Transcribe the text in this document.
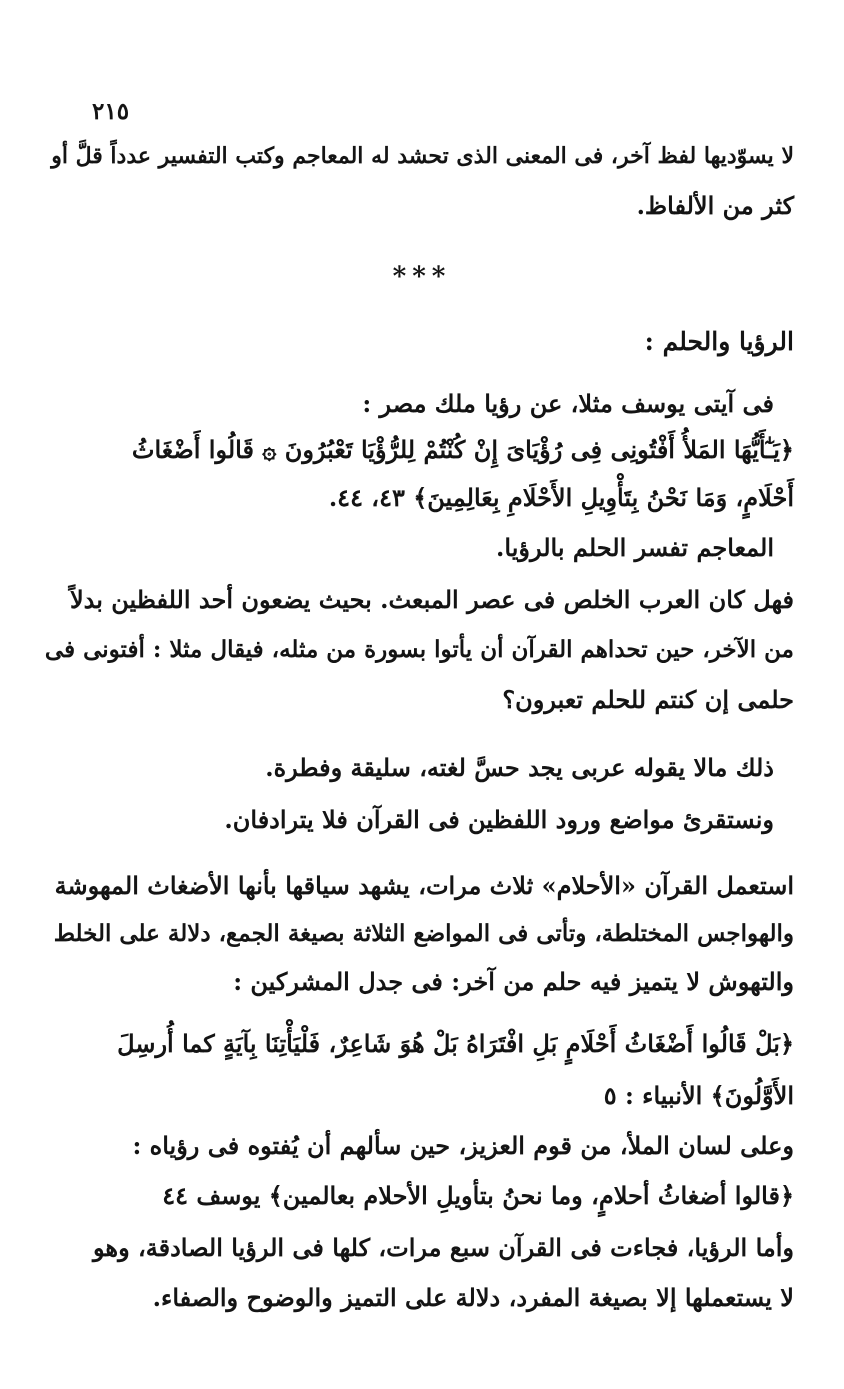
٢١٥
لا يسوّديها لفظ آخر، فى المعنى الذى تحشد له المعاجم وكتب التفسير عدداً قلَّ أو
كثر من الألفاظ.
***
الرؤيا والحلم :
فى آيتى يوسف مثلا، عن رؤيا ملك مصر :
﴿يَـٰٓأَيُّهَا المَلأُ أَفْتُونِى فِى رُؤْيَاىَ إِنْ كُنْتُمْ لِلرُّؤْيَا تَعْبُرُونَ ۞ قَالُوا أَضْغَاثُ
أَحْلَامٍ، وَمَا نَحْنُ بِتَأْوِيلِ الأَحْلَامِ بِعَالِمِينَ﴾ ٤٣، ٤٤.
المعاجم تفسر الحلم بالرؤيا.
فهل كان العرب الخلص فى عصر المبعث. بحيث يضعون أحد اللفظين بدلاً
من الآخر، حين تحداهم القرآن أن يأتوا بسورة من مثله، فيقال مثلا : أفتونى فى
حلمى إن كنتم للحلم تعبرون؟
ذلك مالا يقوله عربى يجد حسَّ لغته، سليقة وفطرة.
ونستقرئ مواضع ورود اللفظين فى القرآن فلا يترادفان.
استعمل القرآن «الأحلام» ثلاث مرات، يشهد سياقها بأنها الأضغاث المهوشة
والهواجس المختلطة، وتأتى فى المواضع الثلاثة بصيغة الجمع، دلالة على الخلط
والتهوش لا يتميز فيه حلم من آخر: فى جدل المشركين :
﴿بَلْ قَالُوا أَضْغَاثُ أَحْلَامٍ بَلِ افْتَرَاهُ بَلْ هُوَ شَاعِرٌ، فَلْيَأْتِنَا بِآيَةٍ كما أُرسِلَ
الأَوَّلُونَ﴾ الأنبياء : ٥
وعلى لسان الملأ، من قوم العزيز، حين سألهم أن يُفتوه فى رؤياه :
﴿قالوا أضغاثُ أحلامٍ، وما نحنُ بتأويلِ الأحلام بعالمين﴾ يوسف ٤٤
وأما الرؤيا، فجاءت فى القرآن سبع مرات، كلها فى الرؤيا الصادقة، وهو
لا يستعملها إلا بصيغة المفرد، دلالة على التميز والوضوح والصفاء.
